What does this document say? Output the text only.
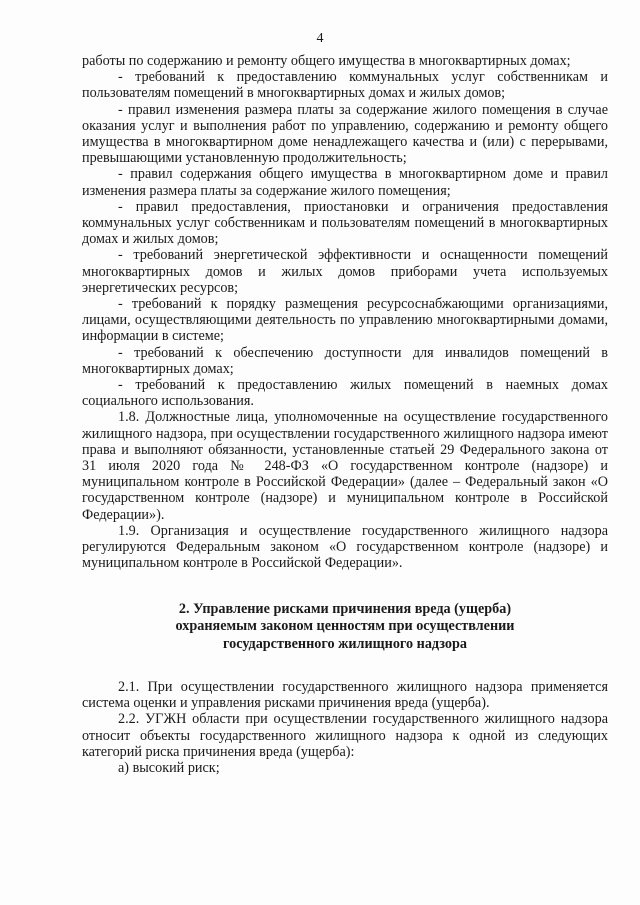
4

работы по содержанию и ремонту общего имущества в многоквартирных домах;

- требований к предоставлению коммунальных услуг собственникам и пользователям помещений в многоквартирных домах и жилых домов;

- правил изменения размера платы за содержание жилого помещения в случае оказания услуг и выполнения работ по управлению, содержанию и ремонту общего имущества в многоквартирном доме ненадлежащего качества и (или) с перерывами, превышающими установленную продолжительность;

- правил содержания общего имущества в многоквартирном доме и правил изменения размера платы за содержание жилого помещения;

- правил предоставления, приостановки и ограничения предоставления коммунальных услуг собственникам и пользователям помещений в многоквартирных домах и жилых домов;

- требований энергетической эффективности и оснащенности помещений многоквартирных домов и жилых домов приборами учета используемых энергетических ресурсов;

- требований к порядку размещения ресурсоснабжающими организациями, лицами, осуществляющими деятельность по управлению многоквартирными домами, информации в системе;

- требований к обеспечению доступности для инвалидов помещений в многоквартирных домах;

- требований к предоставлению жилых помещений в наемных домах социального использования.

1.8. Должностные лица, уполномоченные на осуществление государственного жилищного надзора, при осуществлении государственного жилищного надзора имеют права и выполняют обязанности, установленные статьей 29 Федерального закона от 31 июля 2020 года № 248-ФЗ «О государственном контроле (надзоре) и муниципальном контроле в Российской Федерации» (далее – Федеральный закон «О государственном контроле (надзоре) и муниципальном контроле в Российской Федерации»).

1.9. Организация и осуществление государственного жилищного надзора регулируются Федеральным законом «О государственном контроле (надзоре) и муниципальном контроле в Российской Федерации».

2. Управление рисками причинения вреда (ущерба)
охраняемым законом ценностям при осуществлении
государственного жилищного надзора

2.1. При осуществлении государственного жилищного надзора применяется система оценки и управления рисками причинения вреда (ущерба).

2.2. УГЖН области при осуществлении государственного жилищного надзора относит объекты государственного жилищного надзора к одной из следующих категорий риска причинения вреда (ущерба):

а) высокий риск;
